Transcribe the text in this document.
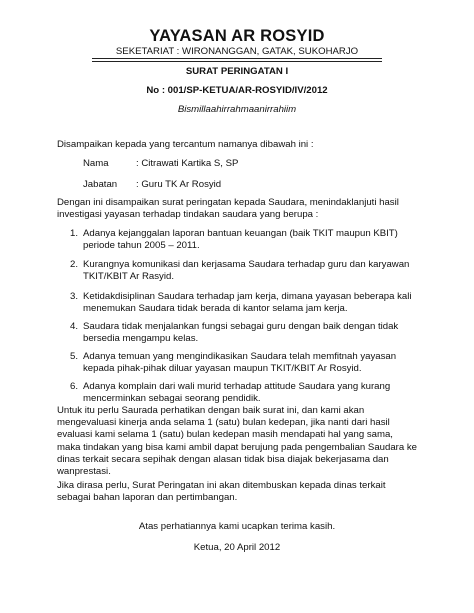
YAYASAN AR ROSYID
SEKETARIAT : WIRONANGGAN, GATAK, SUKOHARJO
SURAT PERINGATAN I
No : 001/SP-KETUA/AR-ROSYID/IV/2012
Bismillaahirrahmaanirrahiim
Disampaikan kepada yang tercantum namanya dibawah ini :
Nama	: Citrawati Kartika S, SP
Jabatan : Guru TK Ar Rosyid
Dengan ini disampaikan surat peringatan kepada Saudara, menindaklanjuti hasil investigasi yayasan terhadap tindakan saudara yang berupa :
1. Adanya kejanggalan laporan bantuan keuangan (baik TKIT maupun KBIT) periode tahun 2005 – 2011.
2. Kurangnya komunikasi dan kerjasama Saudara terhadap guru dan karyawan TKIT/KBIT Ar Rasyid.
3. Ketidakdisiplinan Saudara terhadap jam kerja, dimana yayasan beberapa kali menemukan Saudara tidak berada di kantor selama jam kerja.
4. Saudara tidak menjalankan fungsi sebagai guru dengan baik dengan tidak bersedia mengampu kelas.
5. Adanya temuan yang mengindikasikan Saudara telah memfitnah yayasan kepada pihak-pihak diluar yayasan maupun TKIT/KBIT Ar Rosyid.
6. Adanya komplain dari wali murid terhadap attitude Saudara yang kurang mencerminkan sebagai seorang pendidik.
Untuk itu perlu Saurada perhatikan dengan baik surat ini, dan kami akan mengevaluasi kinerja anda selama 1 (satu) bulan kedepan, jika nanti dari hasil evaluasi kami selama 1 (satu) bulan kedepan masih mendapati hal yang sama, maka tindakan yang bisa kami ambil dapat berujung pada pengembalian Saudara ke dinas terkait secara sepihak dengan alasan tidak bisa diajak bekerjasama dan wanprestasi.
Jika dirasa perlu, Surat Peringatan ini akan ditembuskan kepada dinas terkait sebagai bahan laporan dan pertimbangan.
Atas perhatiannya kami ucapkan terima kasih.
Ketua, 20 April 2012
